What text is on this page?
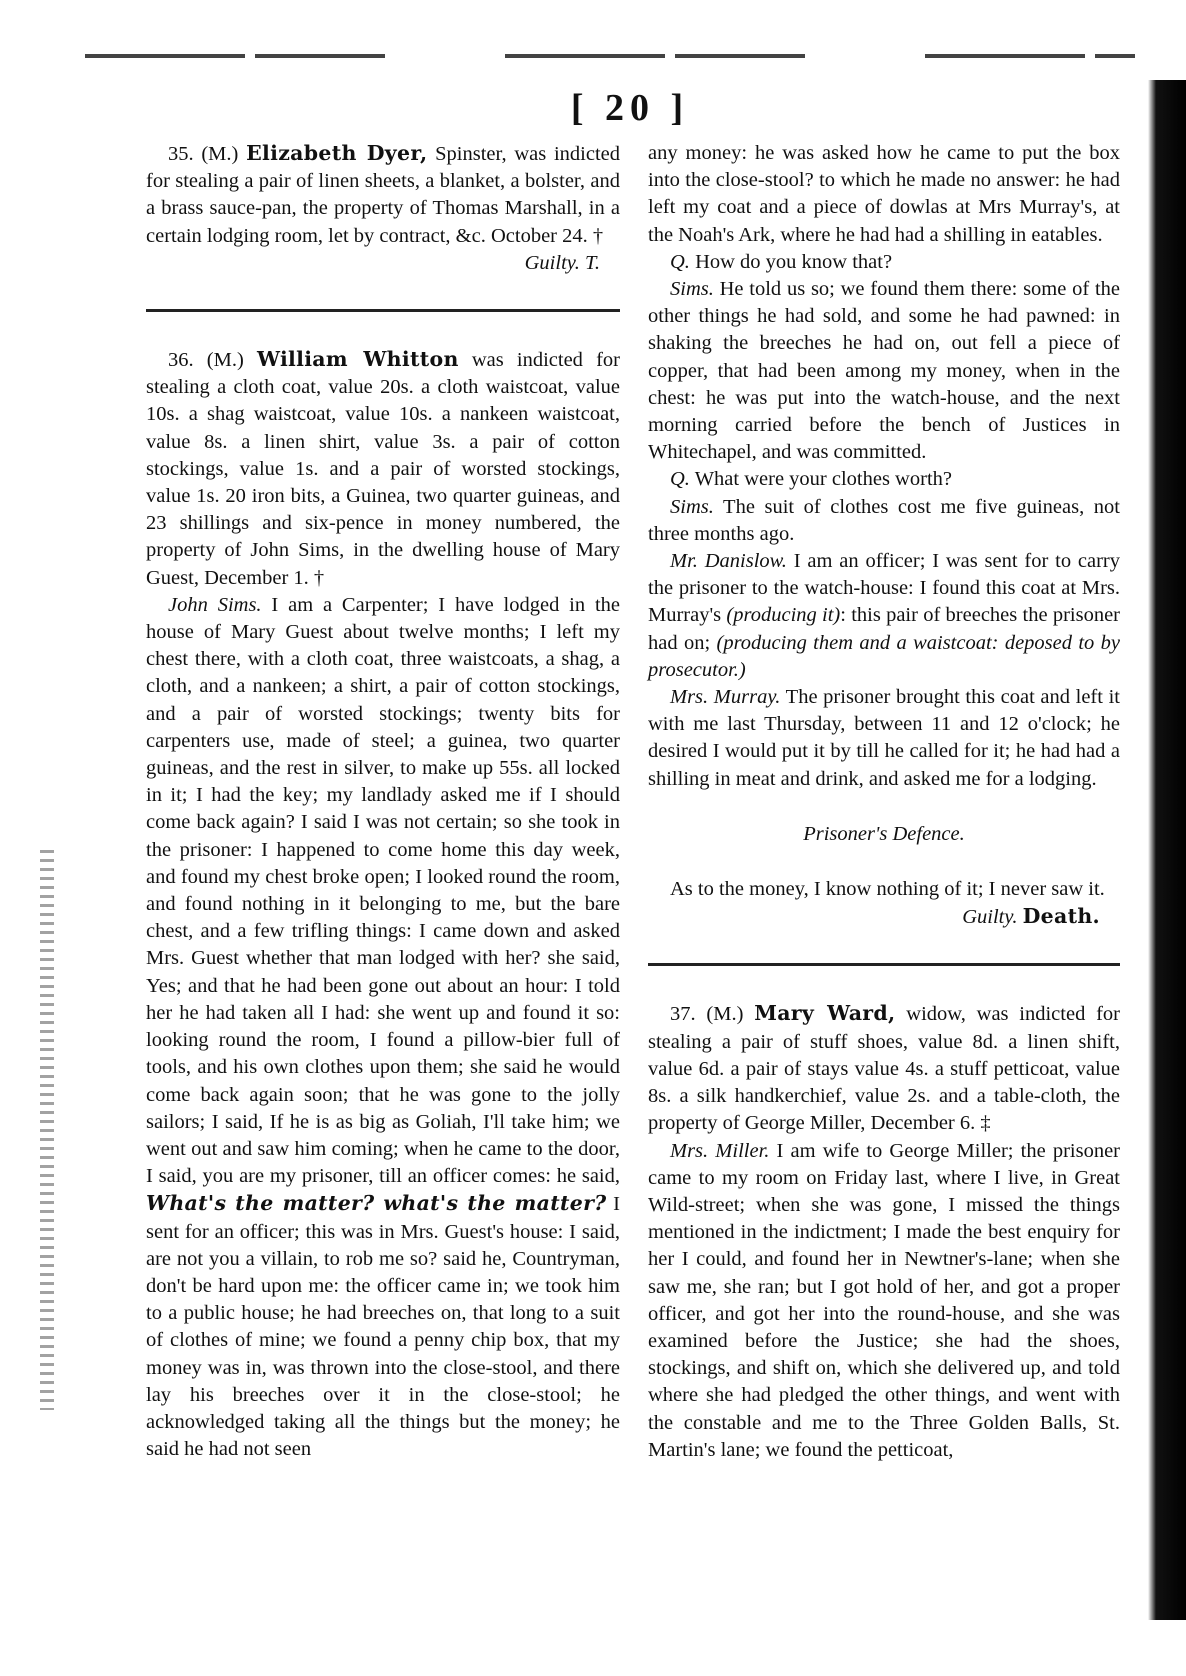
[ 20 ]

35. (M.) Elizabeth Dyer, Spinster, was indicted for stealing a pair of linen sheets, a blanket, a bolster, and a brass sauce-pan, the property of Thomas Marshall, in a certain lodging room, let by contract, &c. October 24. †

Guilty. T.

36. (M.) William Whitton was indicted for stealing a cloth coat, value 20s. a cloth waistcoat, value 10s. a shag waistcoat, value 10s. a nankeen waistcoat, value 8s. a linen shirt, value 3s. a pair of cotton stockings, value 1s. and a pair of worsted stockings, value 1s. 20 iron bits, a Guinea, two quarter guineas, and 23 shillings and six-pence in money numbered, the property of John Sims, in the dwelling house of Mary Guest, December 1. †

John Sims. I am a Carpenter; I have lodged in the house of Mary Guest about twelve months; I left my chest there, with a cloth coat, three waistcoats, a shag, a cloth, and a nankeen; a shirt, a pair of cotton stockings, and a pair of worsted stockings; twenty bits for carpenters use, made of steel; a guinea, two quarter guineas, and the rest in silver, to make up 55s. all locked in it; I had the key; my landlady asked me if I should come back again? I said I was not certain; so she took in the prisoner: I happened to come home this day week, and found my chest broke open; I looked round the room, and found nothing in it belonging to me, but the bare chest, and a few trifling things: I came down and asked Mrs. Guest whether that man lodged with her? she said, Yes; and that he had been gone out about an hour: I told her he had taken all I had: she went up and found it so: looking round the room, I found a pillow-bier full of tools, and his own clothes upon them; she said he would come back again soon; that he was gone to the jolly sailors; I said, If he is as big as Goliah, I'll take him; we went out and saw him coming; when he came to the door, I said, you are my prisoner, till an officer comes: he said, What's the matter? what's the matter? I sent for an officer; this was in Mrs. Guest's house: I said, are not you a villain, to rob me so? said he, Countryman, don't be hard upon me: the officer came in; we took him to a public house; he had breeches on, that long to a suit of clothes of mine; we found a penny chip box, that my money was in, was thrown into the close-stool, and there lay his breeches over it in the close-stool; he acknowledged taking all the things but the money; he said he had not seen

any money: he was asked how he came to put the box into the close-stool? to which he made no answer: he had left my coat and a piece of dowlas at Mrs Murray's, at the Noah's Ark, where he had had a shilling in eatables.

Q. How do you know that?

Sims. He told us so; we found them there: some of the other things he had sold, and some he had pawned: in shaking the breeches he had on, out fell a piece of copper, that had been among my money, when in the chest: he was put into the watch-house, and the next morning carried before the bench of Justices in Whitechapel, and was committed.

Q. What were your clothes worth?

Sims. The suit of clothes cost me five guineas, not three months ago.

Mr. Danislow. I am an officer; I was sent for to carry the prisoner to the watch-house: I found this coat at Mrs. Murray's (producing it): this pair of breeches the prisoner had on; (producing them and a waistcoat: deposed to by prosecutor.)

Mrs. Murray. The prisoner brought this coat and left it with me last Thursday, between 11 and 12 o'clock; he desired I would put it by till he called for it; he had had a shilling in meat and drink, and asked me for a lodging.

Prisoner's Defence.

As to the money, I know nothing of it; I never saw it.

Guilty. Death.

37. (M.) Mary Ward, widow, was indicted for stealing a pair of stuff shoes, value 8d. a linen shift, value 6d. a pair of stays value 4s. a stuff petticoat, value 8s. a silk handkerchief, value 2s. and a table-cloth, the property of George Miller, December 6. ‡

Mrs. Miller. I am wife to George Miller; the prisoner came to my room on Friday last, where I live, in Great Wild-street; when she was gone, I missed the things mentioned in the indictment; I made the best enquiry for her I could, and found her in Newtner's-lane; when she saw me, she ran; but I got hold of her, and got a proper officer, and got her into the round-house, and she was examined before the Justice; she had the shoes, stockings, and shift on, which she delivered up, and told where she had pledged the other things, and went with the constable and me to the Three Golden Balls, St. Martin's lane; we found the petticoat,
